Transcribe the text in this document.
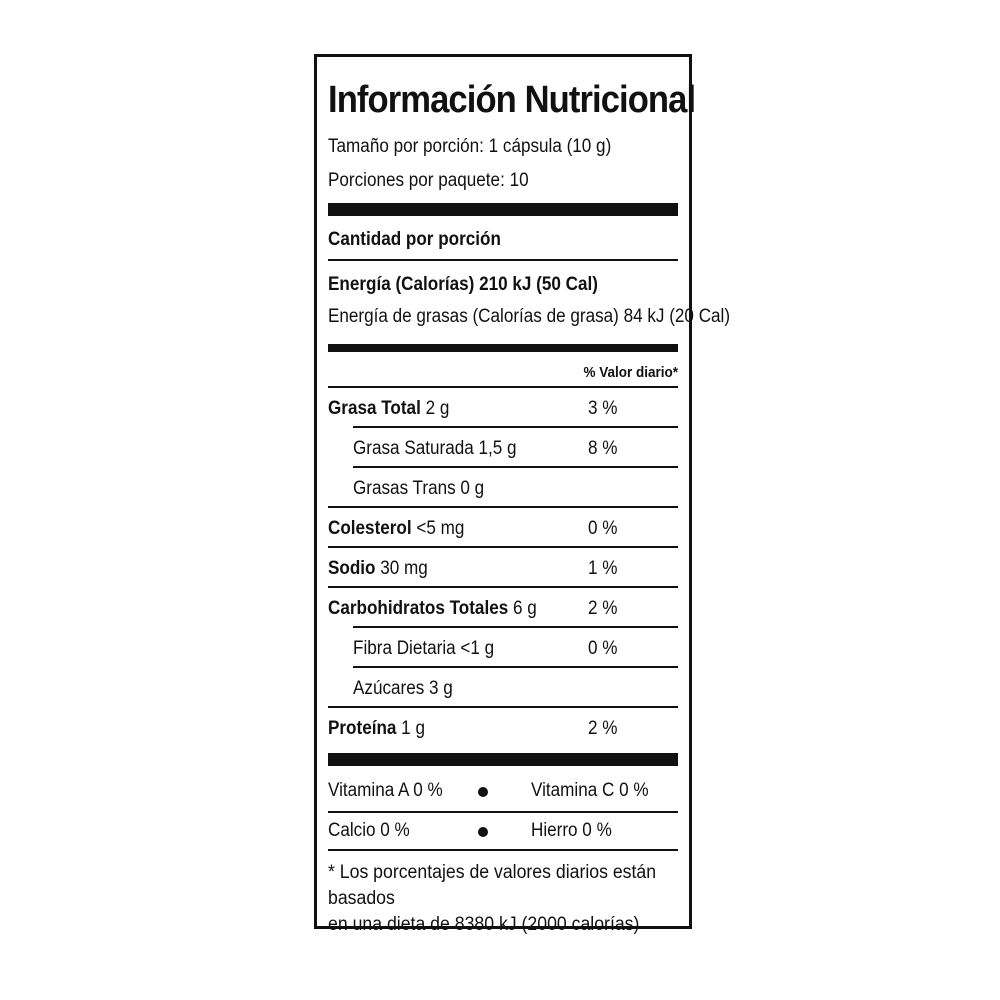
Información Nutricional
Tamaño por porción: 1 cápsula (10 g)
Porciones por paquete: 10
Cantidad por porción
Energía (Calorías) 210 kJ (50 Cal)
Energía de grasas (Calorías de grasa) 84 kJ (20 Cal)
% Valor diario*
Grasa Total 2 g	3 %
Grasa Saturada 1,5 g	8 %
Grasas Trans 0 g
Colesterol <5 mg	0 %
Sodio 30 mg	1 %
Carbohidratos Totales 6 g	2 %
Fibra Dietaria <1 g	0 %
Azúcares 3 g
Proteína 1 g	2 %
Vitamina A 0 %	Vitamina C 0 %
Calcio 0 %	Hierro 0 %
* Los porcentajes de valores diarios están basados
en una dieta de 8380 kJ (2000 calorías)
